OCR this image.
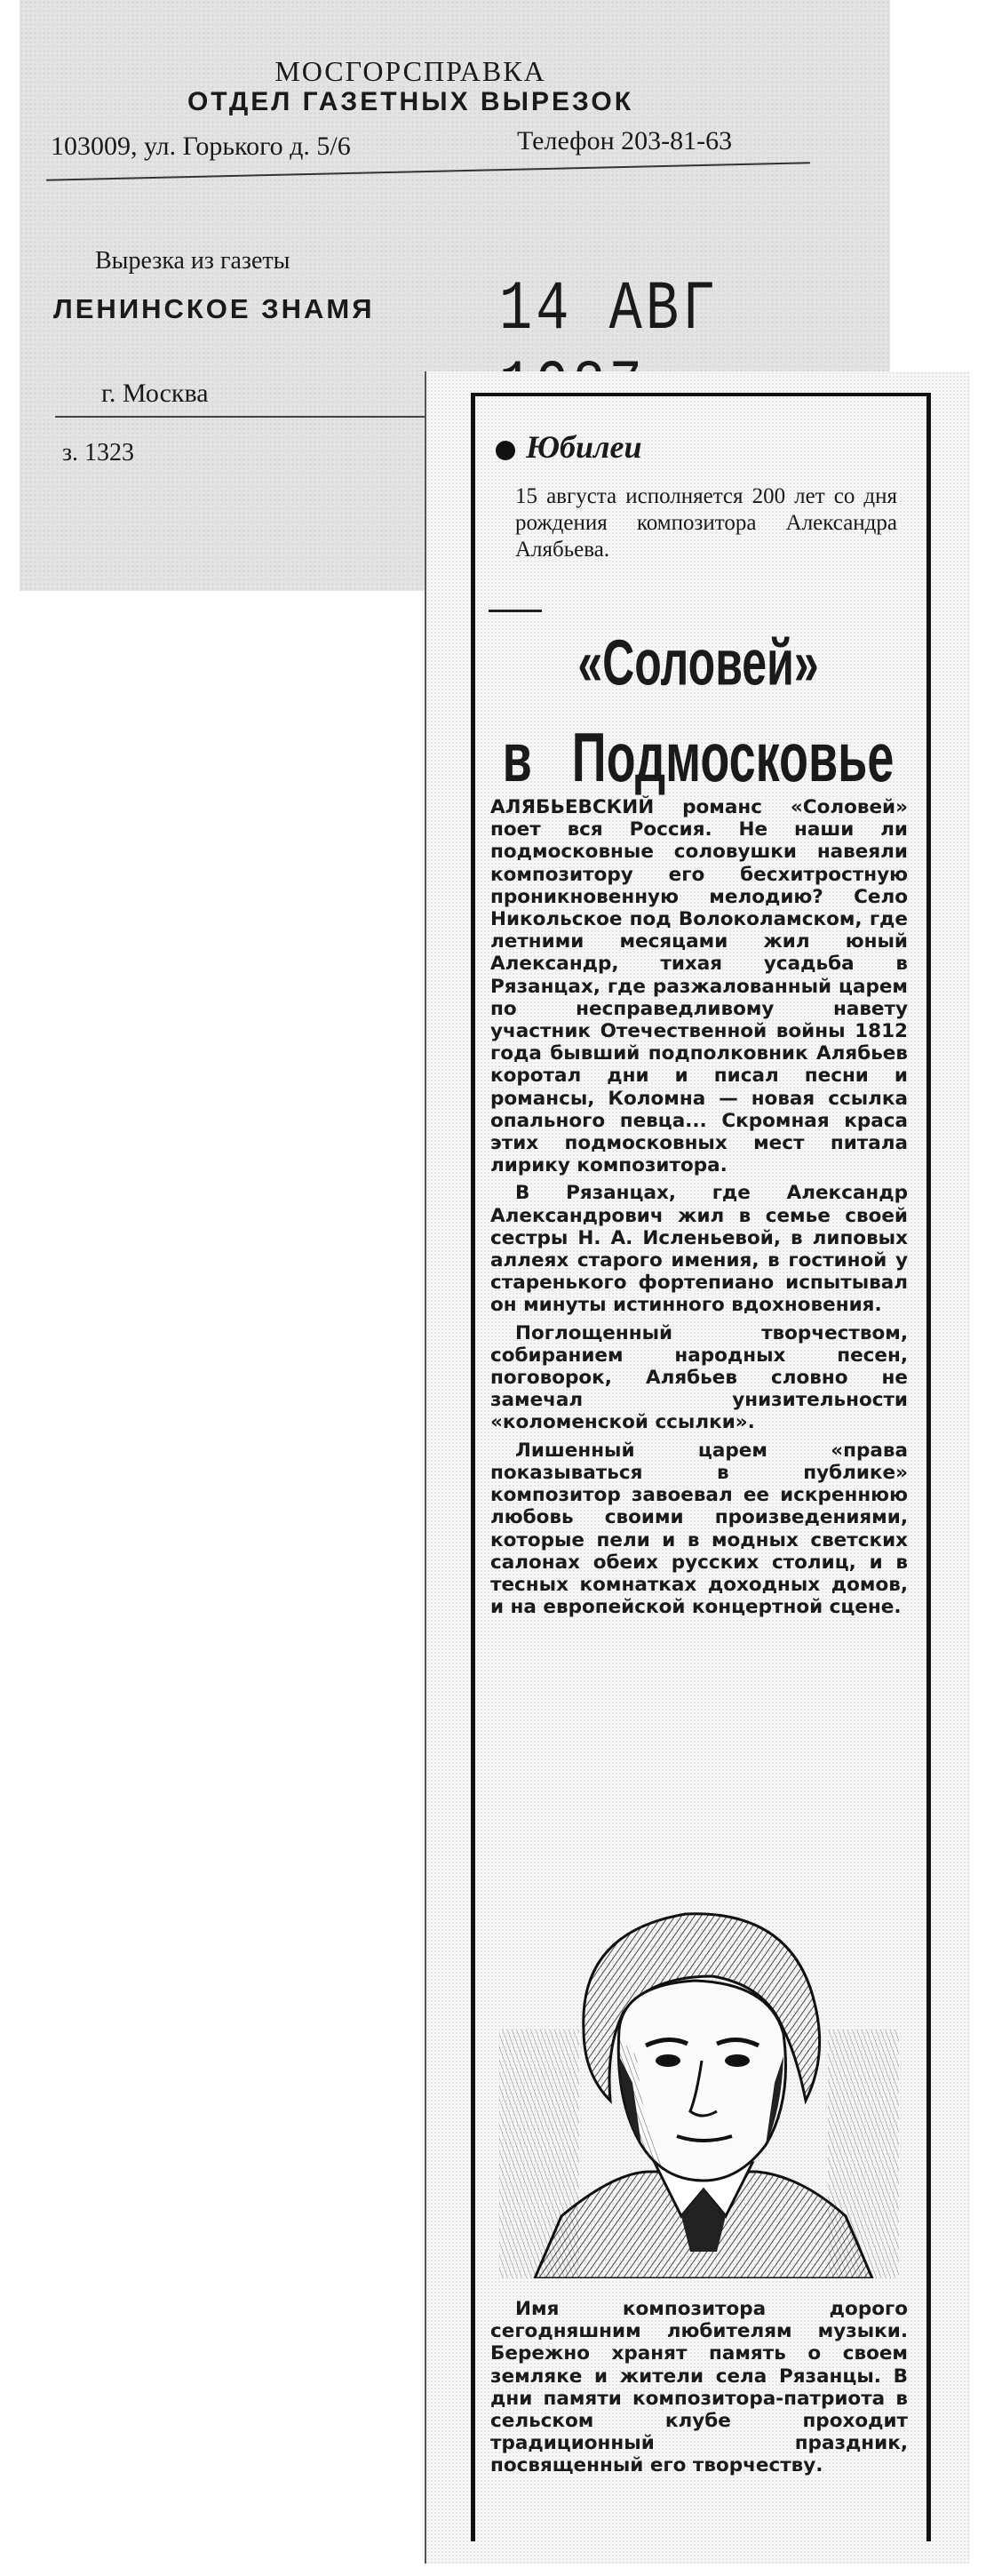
МОСГОРСПРАВКА
ОТДЕЛ ГАЗЕТНЫХ ВЫРЕЗОК
103009, ул. Горького д. 5/6	Телефон 203-81-63
Вырезка из газеты
ЛЕНИНСКОЕ ЗНАМЯ 14 АВГ
г. Москва
з. 1323	Юбилеи
15 августа исполняется 200 лет со дня рождения композитора Александра Алябьева.
«Соловей»
в Подмосковье

АЛЯБЬЕВСКИЙ романс «Соловей» поет вся Россия. Не наши ли подмосковные соловушки навеяли композитору его бесхитростную проникновенную мелодию? Село Никольское под Волоколамском, где летними месяцами жил юный Александр, тихая усадьба в Рязанцах, где разжалованный царем по несправедливому навету участник Отечественной войны 1812 года бывший подполковник Алябьев коротал дни и писал песни и романсы, Коломна — новая ссылка опального певца... Скромная краса этих подмосковных мест питала лирику композитора.

В Рязанцах, где Александр Александрович жил в семье своей сестры Н. А. Исленьевой, в липовых аллеях старого имения, в гостиной у старенького фортепиано испытывал он минуты истинного вдохновения.

Поглощенный творчеством, собиранием народных песен, поговорок, Алябьев словно не замечал унизительности «коломенской ссылки».

Лишенный царем «права показываться в публике» композитор завоевал ее искреннюю любовь своими произведениями, которые пели и в модных светских салонах обеих русских столиц, и в тесных комнатках доходных домов, и на европейской концертной сцене.

Имя композитора дорого сегодняшним любителям музыки. Бережно хранят память о своем земляке и жители села Рязанцы. В дни памяти композитора-патриота в сельском клубе проходит традиционный праздник, посвященный его творчеству.
